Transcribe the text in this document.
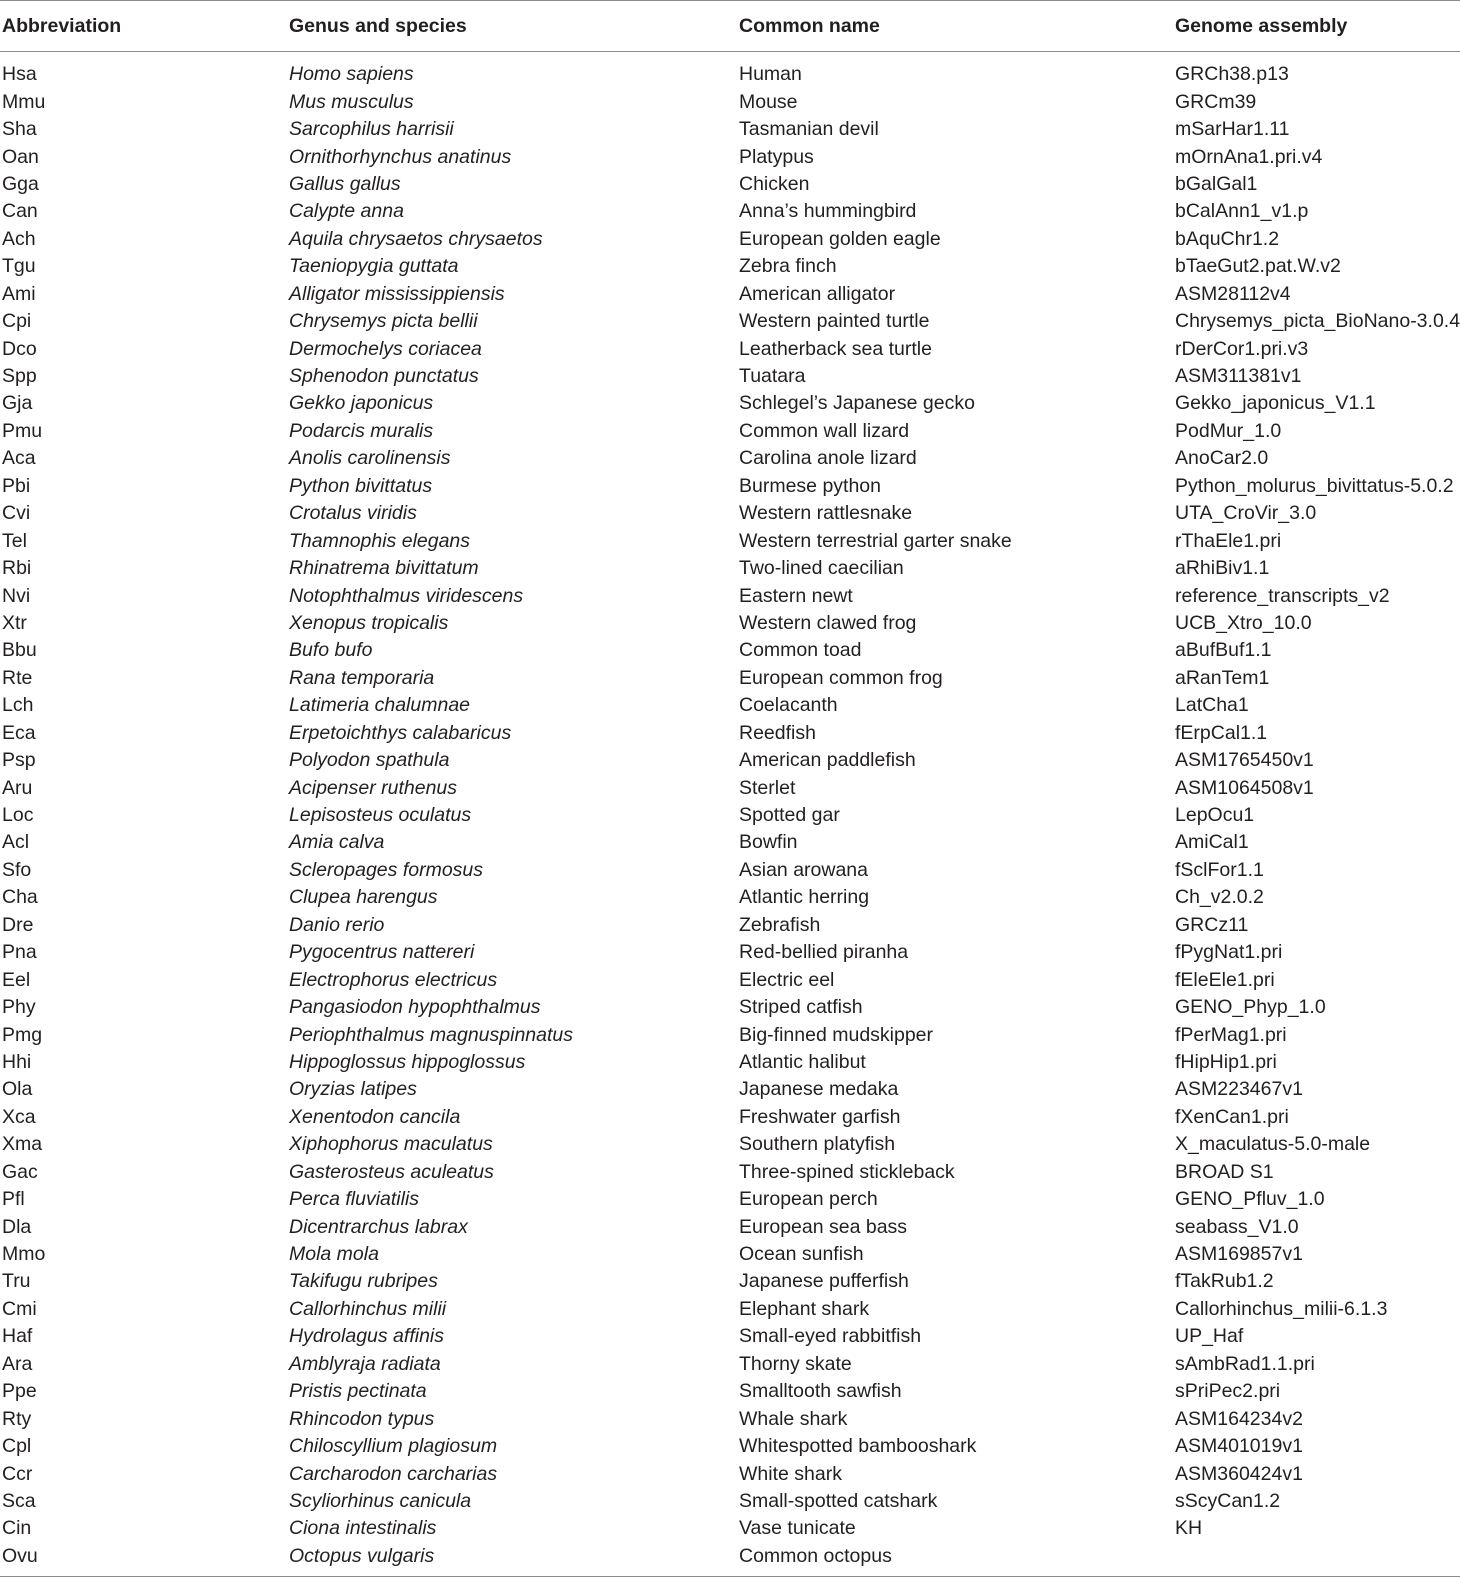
Abbreviation	Genus and species	Common name	Genome assembly
Hsa	Homo sapiens	Human	GRCh38.p13
Mmu	Mus musculus	Mouse	GRCm39
Sha	Sarcophilus harrisii	Tasmanian devil	mSarHar1.11
Oan	Ornithorhynchus anatinus	Platypus	mOrnAna1.pri.v4
Gga	Gallus gallus	Chicken	bGalGal1
Can	Calypte anna	Anna’s hummingbird	bCalAnn1_v1.p
Ach	Aquila chrysaetos chrysaetos	European golden eagle	bAquChr1.2
Tgu	Taeniopygia guttata	Zebra finch	bTaeGut2.pat.W.v2
Ami	Alligator mississippiensis	American alligator	ASM28112v4
Cpi	Chrysemys picta bellii	Western painted turtle	Chrysemys_picta_BioNano-3.0.4
Dco	Dermochelys coriacea	Leatherback sea turtle	rDerCor1.pri.v3
Spp	Sphenodon punctatus	Tuatara	ASM311381v1
Gja	Gekko japonicus	Schlegel’s Japanese gecko	Gekko_japonicus_V1.1
Pmu	Podarcis muralis	Common wall lizard	PodMur_1.0
Aca	Anolis carolinensis	Carolina anole lizard	AnoCar2.0
Pbi	Python bivittatus	Burmese python	Python_molurus_bivittatus-5.0.2
Cvi	Crotalus viridis	Western rattlesnake	UTA_CroVir_3.0
Tel	Thamnophis elegans	Western terrestrial garter snake	rThaEle1.pri
Rbi	Rhinatrema bivittatum	Two-lined caecilian	aRhiBiv1.1
Nvi	Notophthalmus viridescens	Eastern newt	reference_transcripts_v2
Xtr	Xenopus tropicalis	Western clawed frog	UCB_Xtro_10.0
Bbu	Bufo bufo	Common toad	aBufBuf1.1
Rte	Rana temporaria	European common frog	aRanTem1
Lch	Latimeria chalumnae	Coelacanth	LatCha1
Eca	Erpetoichthys calabaricus	Reedfish	fErpCal1.1
Psp	Polyodon spathula	American paddlefish	ASM1765450v1
Aru	Acipenser ruthenus	Sterlet	ASM1064508v1
Loc	Lepisosteus oculatus	Spotted gar	LepOcu1
Acl	Amia calva	Bowfin	AmiCal1
Sfo	Scleropages formosus	Asian arowana	fSclFor1.1
Cha	Clupea harengus	Atlantic herring	Ch_v2.0.2
Dre	Danio rerio	Zebrafish	GRCz11
Pna	Pygocentrus nattereri	Red-bellied piranha	fPygNat1.pri
Eel	Electrophorus electricus	Electric eel	fEleEle1.pri
Phy	Pangasiodon hypophthalmus	Striped catfish	GENO_Phyp_1.0
Pmg	Periophthalmus magnuspinnatus	Big-finned mudskipper	fPerMag1.pri
Hhi	Hippoglossus hippoglossus	Atlantic halibut	fHipHip1.pri
Ola	Oryzias latipes	Japanese medaka	ASM223467v1
Xca	Xenentodon cancila	Freshwater garfish	fXenCan1.pri
Xma	Xiphophorus maculatus	Southern platyfish	X_maculatus-5.0-male
Gac	Gasterosteus aculeatus	Three-spined stickleback	BROAD S1
Pfl	Perca fluviatilis	European perch	GENO_Pfluv_1.0
Dla	Dicentrarchus labrax	European sea bass	seabass_V1.0
Mmo	Mola mola	Ocean sunfish	ASM169857v1
Tru	Takifugu rubripes	Japanese pufferfish	fTakRub1.2
Cmi	Callorhinchus milii	Elephant shark	Callorhinchus_milii-6.1.3
Haf	Hydrolagus affinis	Small-eyed rabbitfish	UP_Haf
Ara	Amblyraja radiata	Thorny skate	sAmbRad1.1.pri
Ppe	Pristis pectinata	Smalltooth sawfish	sPriPec2.pri
Rty	Rhincodon typus	Whale shark	ASM164234v2
Cpl	Chiloscyllium plagiosum	Whitespotted bambooshark	ASM401019v1
Ccr	Carcharodon carcharias	White shark	ASM360424v1
Sca	Scyliorhinus canicula	Small-spotted catshark	sScyCan1.2
Cin	Ciona intestinalis	Vase tunicate	KH
Ovu	Octopus vulgaris	Common octopus	
